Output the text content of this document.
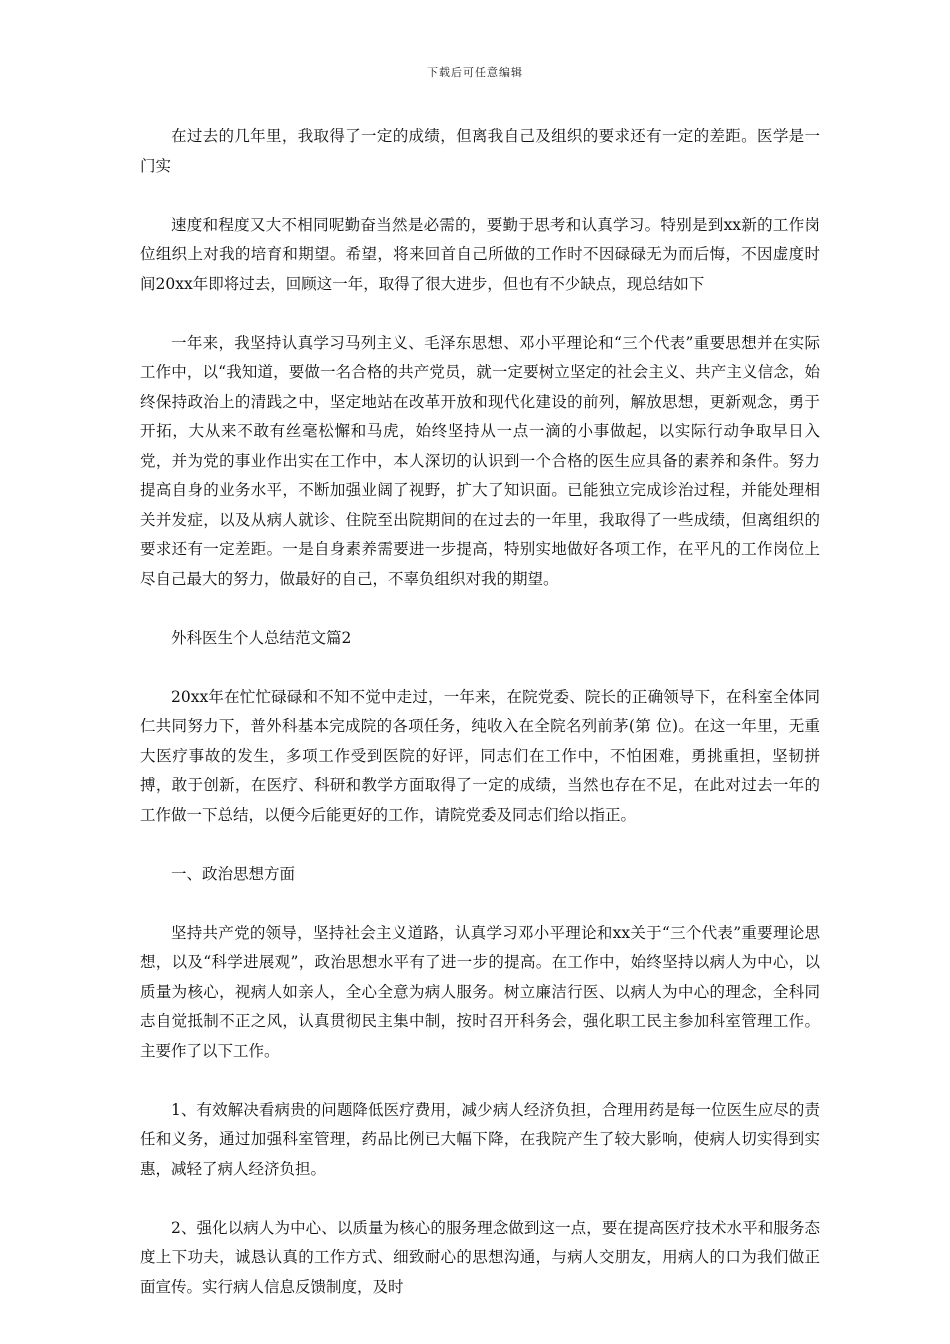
下载后可任意编辑

在过去的几年里，我取得了一定的成绩，但离我自己及组织的要求还有一定的差距。医学是一门实

速度和程度又大不相同呢勤奋当然是必需的，要勤于思考和认真学习。特别是到xx新的工作岗位组织上对我的培育和期望。希望，将来回首自己所做的工作时不因碌碌无为而后悔，不因虚度时间20xx年即将过去，回顾这一年，取得了很大进步，但也有不少缺点，现总结如下

一年来，我坚持认真学习马列主义、毛泽东思想、邓小平理论和“三个代表”重要思想并在实际工作中，以“我知道，要做一名合格的共产党员，就一定要树立坚定的社会主义、共产主义信念，始终保持政治上的清践之中，坚定地站在改革开放和现代化建设的前列，解放思想，更新观念，勇于开拓，大从来不敢有丝毫松懈和马虎，始终坚持从一点一滴的小事做起，以实际行动争取早日入党，并为党的事业作出实在工作中，本人深切的认识到一个合格的医生应具备的素养和条件。努力提高自身的业务水平，不断加强业阔了视野，扩大了知识面。已能独立完成诊治过程，并能处理相关并发症，以及从病人就诊、住院至出院期间的在过去的一年里，我取得了一些成绩，但离组织的要求还有一定差距。一是自身素养需要进一步提高，特别实地做好各项工作，在平凡的工作岗位上尽自己最大的努力，做最好的自己，不辜负组织对我的期望。

外科医生个人总结范文篇2

20xx年在忙忙碌碌和不知不觉中走过，一年来，在院党委、院长的正确领导下，在科室全体同仁共同努力下，普外科基本完成院的各项任务，纯收入在全院名列前茅(第 位)。在这一年里，无重大医疗事故的发生，多项工作受到医院的好评，同志们在工作中，不怕困难，勇挑重担，坚韧拼搏，敢于创新，在医疗、科研和教学方面取得了一定的成绩，当然也存在不足，在此对过去一年的工作做一下总结，以便今后能更好的工作，请院党委及同志们给以指正。

一、政治思想方面

坚持共产党的领导，坚持社会主义道路，认真学习邓小平理论和xx关于“三个代表”重要理论思想，以及“科学进展观”，政治思想水平有了进一步的提高。在工作中，始终坚持以病人为中心，以质量为核心，视病人如亲人，全心全意为病人服务。树立廉洁行医、以病人为中心的理念，全科同志自觉抵制不正之风，认真贯彻民主集中制，按时召开科务会，强化职工民主参加科室管理工作。主要作了以下工作。

1、有效解决看病贵的问题降低医疗费用，减少病人经济负担，合理用药是每一位医生应尽的责任和义务，通过加强科室管理，药品比例已大幅下降，在我院产生了较大影响，使病人切实得到实惠，减轻了病人经济负担。

2、强化以病人为中心、以质量为核心的服务理念做到这一点，要在提高医疗技术水平和服务态度上下功夫，诚恳认真的工作方式、细致耐心的思想沟通，与病人交朋友，用病人的口为我们做正面宣传。实行病人信息反馈制度，及时
